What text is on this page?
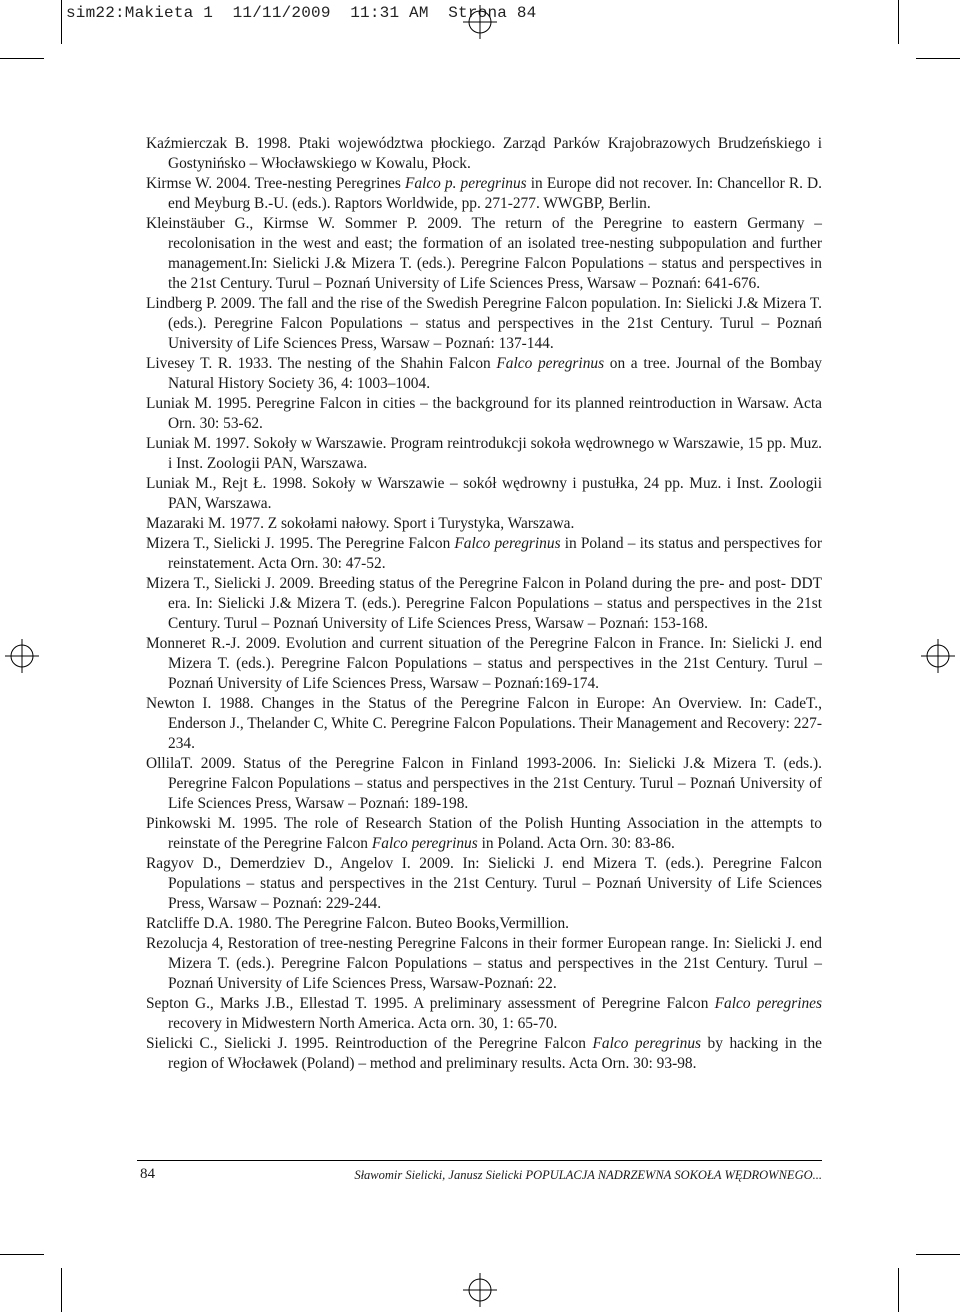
sim22:Makieta 1  11/11/2009  11:31 AM  Strona 84

Kaźmierczak B. 1998. Ptaki województwa płockiego. Zarząd Parków Krajobrazowych Brudzeńskiego i Gostynińsko – Włocławskiego w Kowalu, Płock.

Kirmse W. 2004. Tree-nesting Peregrines Falco p. peregrinus in Europe did not recover. In: Chancellor R. D. end Meyburg B.-U. (eds.). Raptors Worldwide, pp. 271-277. WWGBP, Berlin.

Kleinstäuber G., Kirmse W. Sommer P. 2009. The return of the Peregrine to eastern Germany – recolonisation in the west and east; the formation of an isolated tree-nesting subpopulation and further management.In: Sielicki J.& Mizera T. (eds.). Peregrine Falcon Populations – status and perspectives in the 21st Century. Turul – Poznań University of Life Sciences Press, Warsaw – Poznań: 641-676.

Lindberg P. 2009. The fall and the rise of the Swedish Peregrine Falcon population. In: Sielicki J.& Mizera T. (eds.). Peregrine Falcon Populations – status and perspectives in the 21st Century. Turul – Poznań University of Life Sciences Press, Warsaw – Poznań: 137-144.

Livesey T. R. 1933. The nesting of the Shahin Falcon Falco peregrinus on a tree. Journal of the Bombay Natural History Society 36, 4: 1003–1004.

Luniak M. 1995. Peregrine Falcon in cities – the background for its planned reintroduction in Warsaw. Acta Orn. 30: 53-62.

Luniak M. 1997. Sokoły w Warszawie. Program reintrodukcji sokoła wędrownego w Warszawie, 15 pp. Muz. i Inst. Zoologii PAN, Warszawa.

Luniak M., Rejt Ł. 1998. Sokoły w Warszawie – sokół wędrowny i pustułka, 24 pp. Muz. i Inst. Zoologii PAN, Warszawa.

Mazaraki M. 1977. Z sokołami nałowy. Sport i Turystyka, Warszawa.

Mizera T., Sielicki J. 1995. The Peregrine Falcon Falco peregrinus in Poland – its status and perspectives for reinstatement. Acta Orn. 30: 47-52.

Mizera T., Sielicki J. 2009. Breeding status of the Peregrine Falcon in Poland during the pre- and post- DDT era. In: Sielicki J.& Mizera T. (eds.). Peregrine Falcon Populations – status and perspectives in the 21st Century. Turul – Poznań University of Life Sciences Press, Warsaw – Poznań: 153-168.

Monneret R.-J. 2009. Evolution and current situation of the Peregrine Falcon in France. In: Sielicki J. end Mizera T. (eds.). Peregrine Falcon Populations – status and perspectives in the 21st Century. Turul – Poznań University of Life Sciences Press, Warsaw – Poznań:169-174.

Newton I. 1988. Changes in the Status of the Peregrine Falcon in Europe: An Overview. In: CadeT., Enderson J., Thelander C, White C. Peregrine Falcon Populations. Their Management and Recovery: 227-234.

OllilaT. 2009. Status of the Peregrine Falcon in Finland 1993-2006. In: Sielicki J.& Mizera T. (eds.). Peregrine Falcon Populations – status and perspectives in the 21st Century. Turul – Poznań University of Life Sciences Press, Warsaw – Poznań: 189-198.

Pinkowski M. 1995. The role of Research Station of the Polish Hunting Association in the attempts to reinstate of the Peregrine Falcon Falco peregrinus in Poland. Acta Orn. 30: 83-86.

Ragyov D., Demerdziev D., Angelov I. 2009. In: Sielicki J. end Mizera T. (eds.). Peregrine Falcon Populations – status and perspectives in the 21st Century. Turul – Poznań University of Life Sciences Press, Warsaw – Poznań: 229-244.

Ratcliffe D.A. 1980. The Peregrine Falcon. Buteo Books,Vermillion.

Rezolucja 4, Restoration of tree-nesting Peregrine Falcons in their former European range. In: Sielicki J. end Mizera T. (eds.). Peregrine Falcon Populations – status and perspectives in the 21st Century. Turul – Poznań University of Life Sciences Press, Warsaw-Poznań: 22.

Septon G., Marks J.B., Ellestad T. 1995. A preliminary assessment of Peregrine Falcon Falco peregrines recovery in Midwestern North America. Acta orn. 30, 1: 65-70.

Sielicki C., Sielicki J. 1995. Reintroduction of the Peregrine Falcon Falco peregrinus by hacking in the region of Włocławek (Poland) – method and preliminary results. Acta Orn. 30: 93-98.

84	Sławomir Sielicki, Janusz Sielicki POPULACJA NADRZEWNA SOKOŁA WĘDROWNEGO...
